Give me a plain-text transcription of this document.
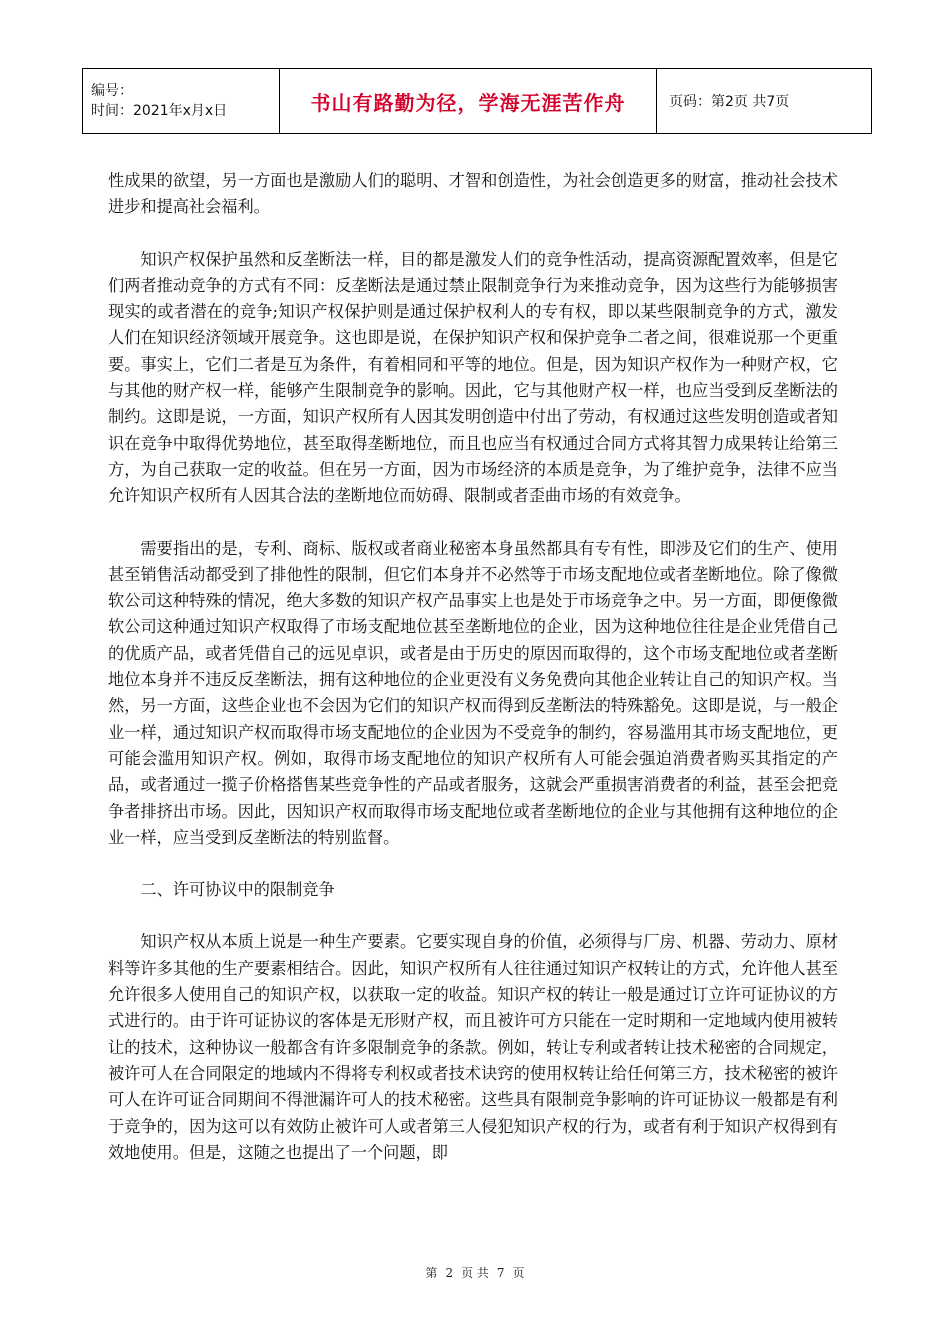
编号：
时间：2021年x月x日	书山有路勤为径，学海无涯苦作舟	页码：第2页 共7页

性成果的欲望，另一方面也是激励人们的聪明、才智和创造性，为社会创造更多的财富，推动社会技术进步和提高社会福利。

知识产权保护虽然和反垄断法一样，目的都是激发人们的竞争性活动，提高资源配置效率，但是它们两者推动竞争的方式有不同：反垄断法是通过禁止限制竞争行为来推动竞争，因为这些行为能够损害现实的或者潜在的竞争;知识产权保护则是通过保护权利人的专有权，即以某些限制竞争的方式，激发人们在知识经济领域开展竞争。这也即是说，在保护知识产权和保护竞争二者之间，很难说那一个更重要。事实上，它们二者是互为条件，有着相同和平等的地位。但是，因为知识产权作为一种财产权，它与其他的财产权一样，能够产生限制竞争的影响。因此，它与其他财产权一样，也应当受到反垄断法的制约。这即是说，一方面，知识产权所有人因其发明创造中付出了劳动，有权通过这些发明创造或者知识在竞争中取得优势地位，甚至取得垄断地位，而且也应当有权通过合同方式将其智力成果转让给第三方，为自己获取一定的收益。但在另一方面，因为市场经济的本质是竞争，为了维护竞争，法律不应当允许知识产权所有人因其合法的垄断地位而妨碍、限制或者歪曲市场的有效竞争。

需要指出的是，专利、商标、版权或者商业秘密本身虽然都具有专有性，即涉及它们的生产、使用甚至销售活动都受到了排他性的限制，但它们本身并不必然等于市场支配地位或者垄断地位。除了像微软公司这种特殊的情况，绝大多数的知识产权产品事实上也是处于市场竞争之中。另一方面，即便像微软公司这种通过知识产权取得了市场支配地位甚至垄断地位的企业，因为这种地位往往是企业凭借自己的优质产品，或者凭借自己的远见卓识，或者是由于历史的原因而取得的，这个市场支配地位或者垄断地位本身并不违反反垄断法，拥有这种地位的企业更没有义务免费向其他企业转让自己的知识产权。当然，另一方面，这些企业也不会因为它们的知识产权而得到反垄断法的特殊豁免。这即是说，与一般企业一样，通过知识产权而取得市场支配地位的企业因为不受竞争的制约，容易滥用其市场支配地位，更可能会滥用知识产权。例如，取得市场支配地位的知识产权所有人可能会强迫消费者购买其指定的产品，或者通过一揽子价格搭售某些竞争性的产品或者服务，这就会严重损害消费者的利益，甚至会把竞争者排挤出市场。因此，因知识产权而取得市场支配地位或者垄断地位的企业与其他拥有这种地位的企业一样，应当受到反垄断法的特别监督。

二、许可协议中的限制竞争

知识产权从本质上说是一种生产要素。它要实现自身的价值，必须得与厂房、机器、劳动力、原材料等许多其他的生产要素相结合。因此，知识产权所有人往往通过知识产权转让的方式，允许他人甚至允许很多人使用自己的知识产权，以获取一定的收益。知识产权的转让一般是通过订立许可证协议的方式进行的。由于许可证协议的客体是无形财产权，而且被许可方只能在一定时期和一定地域内使用被转让的技术，这种协议一般都含有许多限制竞争的条款。例如，转让专利或者转让技术秘密的合同规定，被许可人在合同限定的地域内不得将专利权或者技术诀窍的使用权转让给任何第三方，技术秘密的被许可人在许可证合同期间不得泄漏许可人的技术秘密。这些具有限制竞争影响的许可证协议一般都是有利于竞争的，因为这可以有效防止被许可人或者第三人侵犯知识产权的行为，或者有利于知识产权得到有效地使用。但是，这随之也提出了一个问题，即

第 2 页 共 7 页
